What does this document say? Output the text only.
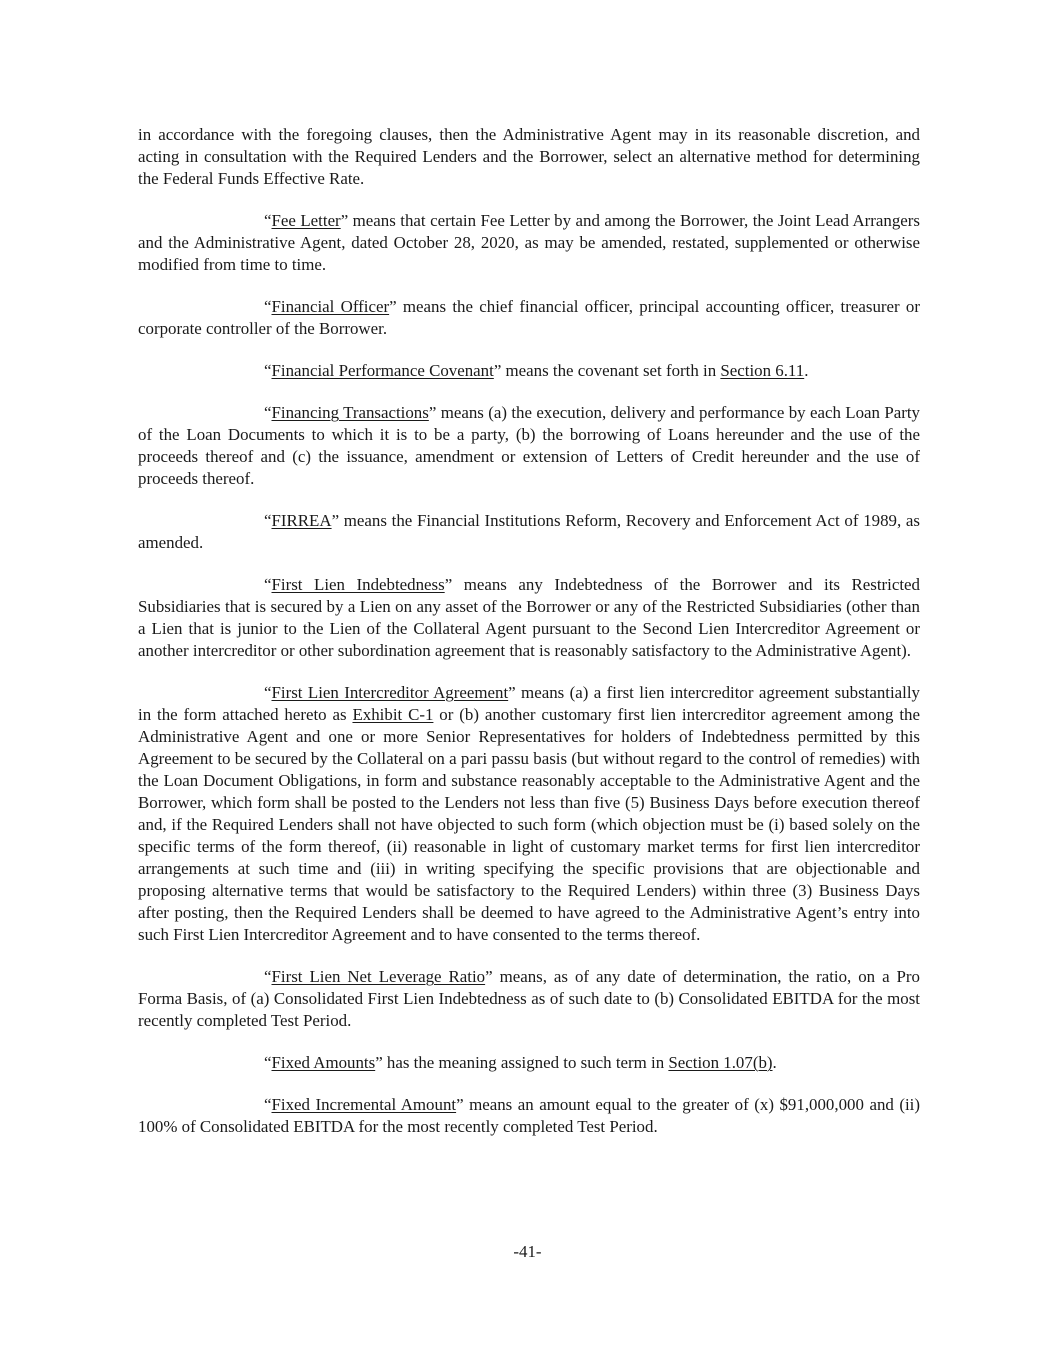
in accordance with the foregoing clauses, then the Administrative Agent may in its reasonable discretion, and acting in consultation with the Required Lenders and the Borrower, select an alternative method for determining the Federal Funds Effective Rate.

“Fee Letter” means that certain Fee Letter by and among the Borrower, the Joint Lead Arrangers and the Administrative Agent, dated October 28, 2020, as may be amended, restated, supplemented or otherwise modified from time to time.

“Financial Officer” means the chief financial officer, principal accounting officer, treasurer or corporate controller of the Borrower.

“Financial Performance Covenant” means the covenant set forth in Section 6.11.

“Financing Transactions” means (a) the execution, delivery and performance by each Loan Party of the Loan Documents to which it is to be a party, (b) the borrowing of Loans hereunder and the use of the proceeds thereof and (c) the issuance, amendment or extension of Letters of Credit hereunder and the use of proceeds thereof.

“FIRREA” means the Financial Institutions Reform, Recovery and Enforcement Act of 1989, as amended.

“First Lien Indebtedness” means any Indebtedness of the Borrower and its Restricted Subsidiaries that is secured by a Lien on any asset of the Borrower or any of the Restricted Subsidiaries (other than a Lien that is junior to the Lien of the Collateral Agent pursuant to the Second Lien Intercreditor Agreement or another intercreditor or other subordination agreement that is reasonably satisfactory to the Administrative Agent).

“First Lien Intercreditor Agreement” means (a) a first lien intercreditor agreement substantially in the form attached hereto as Exhibit C-1 or (b) another customary first lien intercreditor agreement among the Administrative Agent and one or more Senior Representatives for holders of Indebtedness permitted by this Agreement to be secured by the Collateral on a pari passu basis (but without regard to the control of remedies) with the Loan Document Obligations, in form and substance reasonably acceptable to the Administrative Agent and the Borrower, which form shall be posted to the Lenders not less than five (5) Business Days before execution thereof and, if the Required Lenders shall not have objected to such form (which objection must be (i) based solely on the specific terms of the form thereof, (ii) reasonable in light of customary market terms for first lien intercreditor arrangements at such time and (iii) in writing specifying the specific provisions that are objectionable and proposing alternative terms that would be satisfactory to the Required Lenders) within three (3) Business Days after posting, then the Required Lenders shall be deemed to have agreed to the Administrative Agent’s entry into such First Lien Intercreditor Agreement and to have consented to the terms thereof.

“First Lien Net Leverage Ratio” means, as of any date of determination, the ratio, on a Pro Forma Basis, of (a) Consolidated First Lien Indebtedness as of such date to (b) Consolidated EBITDA for the most recently completed Test Period.

“Fixed Amounts” has the meaning assigned to such term in Section 1.07(b).

“Fixed Incremental Amount” means an amount equal to the greater of (x) $91,000,000 and (ii) 100% of Consolidated EBITDA for the most recently completed Test Period.

-41-
